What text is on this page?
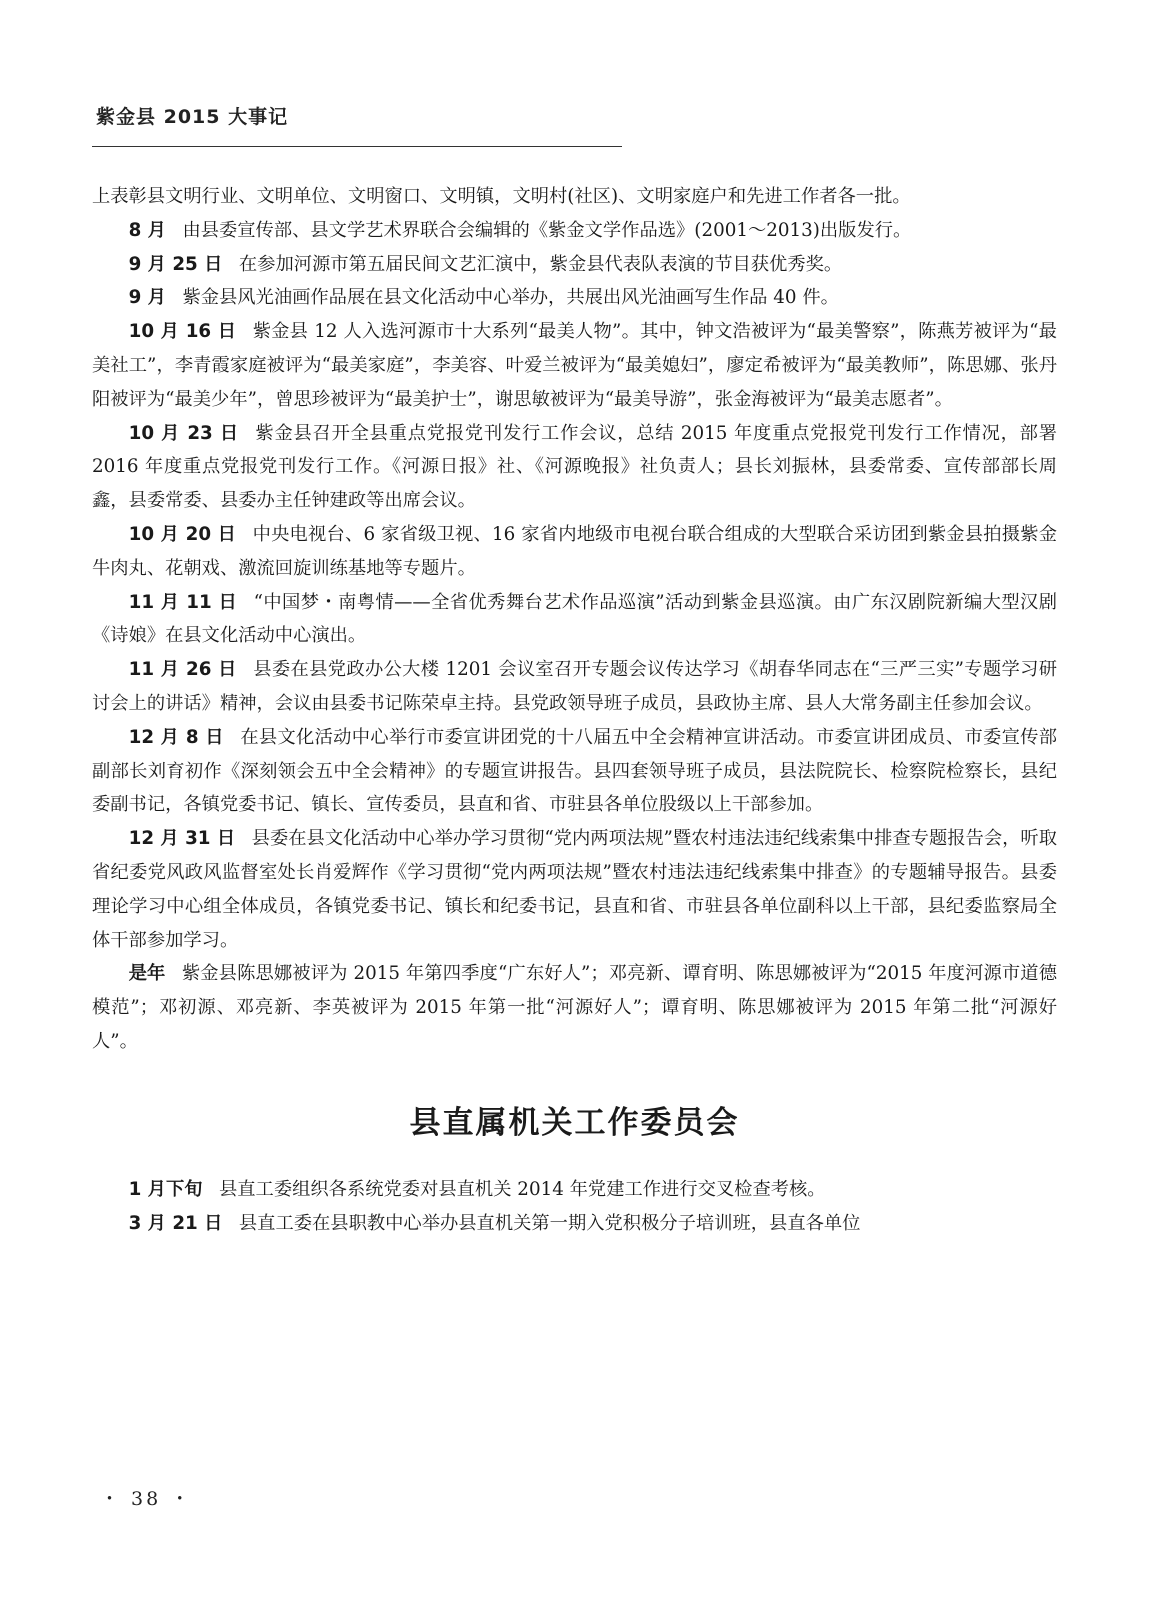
紫金县 2015 大事记

上表彰县文明行业、文明单位、文明窗口、文明镇，文明村(社区)、文明家庭户和先进工作者各一批。

8 月 由县委宣传部、县文学艺术界联合会编辑的《紫金文学作品选》(2001～2013)出版发行。

9 月 25 日 在参加河源市第五届民间文艺汇演中，紫金县代表队表演的节目获优秀奖。

9 月 紫金县风光油画作品展在县文化活动中心举办，共展出风光油画写生作品 40 件。

10 月 16 日 紫金县 12 人入选河源市十大系列“最美人物”。其中，钟文浩被评为“最美警察”，陈燕芳被评为“最美社工”，李青霞家庭被评为“最美家庭”，李美容、叶爱兰被评为“最美媳妇”，廖定希被评为“最美教师”，陈思娜、张丹阳被评为“最美少年”，曾思珍被评为“最美护士”，谢思敏被评为“最美导游”，张金海被评为“最美志愿者”。

10 月 23 日 紫金县召开全县重点党报党刊发行工作会议，总结 2015 年度重点党报党刊发行工作情况，部署 2016 年度重点党报党刊发行工作。《河源日报》社、《河源晚报》社负责人；县长刘振林，县委常委、宣传部部长周鑫，县委常委、县委办主任钟建政等出席会议。

10 月 20 日 中央电视台、6 家省级卫视、16 家省内地级市电视台联合组成的大型联合采访团到紫金县拍摄紫金牛肉丸、花朝戏、激流回旋训练基地等专题片。

11 月 11 日 “中国梦・南粤情——全省优秀舞台艺术作品巡演”活动到紫金县巡演。由广东汉剧院新编大型汉剧《诗娘》在县文化活动中心演出。

11 月 26 日 县委在县党政办公大楼 1201 会议室召开专题会议传达学习《胡春华同志在“三严三实”专题学习研讨会上的讲话》精神，会议由县委书记陈荣卓主持。县党政领导班子成员，县政协主席、县人大常务副主任参加会议。

12 月 8 日 在县文化活动中心举行市委宣讲团党的十八届五中全会精神宣讲活动。市委宣讲团成员、市委宣传部副部长刘育初作《深刻领会五中全会精神》的专题宣讲报告。县四套领导班子成员，县法院院长、检察院检察长，县纪委副书记，各镇党委书记、镇长、宣传委员，县直和省、市驻县各单位股级以上干部参加。

12 月 31 日 县委在县文化活动中心举办学习贯彻“党内两项法规”暨农村违法违纪线索集中排查专题报告会，听取省纪委党风政风监督室处长肖爱辉作《学习贯彻“党内两项法规”暨农村违法违纪线索集中排查》的专题辅导报告。县委理论学习中心组全体成员，各镇党委书记、镇长和纪委书记，县直和省、市驻县各单位副科以上干部，县纪委监察局全体干部参加学习。

是年 紫金县陈思娜被评为 2015 年第四季度“广东好人”；邓亮新、谭育明、陈思娜被评为“2015 年度河源市道德模范”；邓初源、邓亮新、李英被评为 2015 年第一批“河源好人”；谭育明、陈思娜被评为 2015 年第二批“河源好人”。

县直属机关工作委员会

1 月下旬 县直工委组织各系统党委对县直机关 2014 年党建工作进行交叉检查考核。

3 月 21 日 县直工委在县职教中心举办县直机关第一期入党积极分子培训班，县直各单位

・ 38 ・
